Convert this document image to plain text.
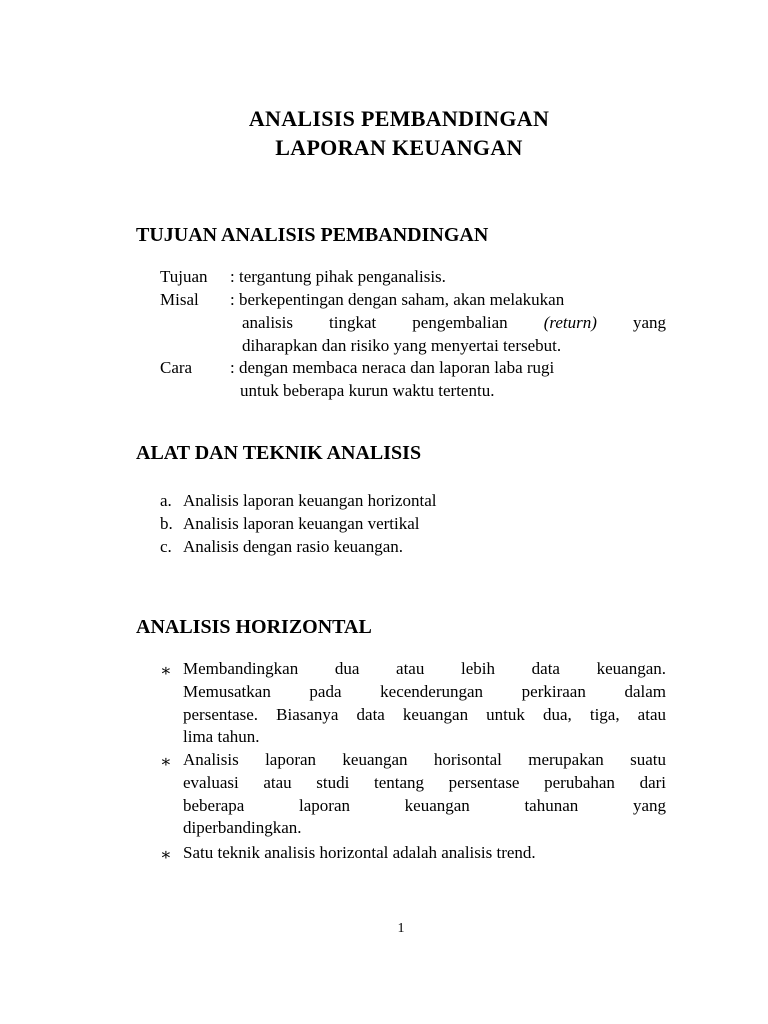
ANALISIS PEMBANDINGAN
LAPORAN KEUANGAN
TUJUAN ANALISIS PEMBANDINGAN
Tujuan : tergantung pihak penganalisis.
Misal : berkepentingan dengan saham, akan melakukan
analisis tingkat pengembalian (return) yang
diharapkan dan risiko yang menyertai tersebut.
Cara : dengan membaca neraca dan laporan laba rugi
untuk beberapa kurun waktu tertentu.
ALAT DAN TEKNIK ANALISIS
a. Analisis laporan keuangan horizontal
b. Analisis laporan keuangan vertikal
c. Analisis dengan rasio keuangan.
ANALISIS HORIZONTAL
∗ Membandingkan dua atau lebih data keuangan.
Memusatkan pada kecenderungan perkiraan dalam
persentase. Biasanya data keuangan untuk dua, tiga, atau
lima tahun.
∗ Analisis laporan keuangan horisontal merupakan suatu
evaluasi atau studi tentang persentase perubahan dari
beberapa laporan keuangan tahunan yang
diperbandingkan.
∗ Satu teknik analisis horizontal adalah analisis trend.
1
